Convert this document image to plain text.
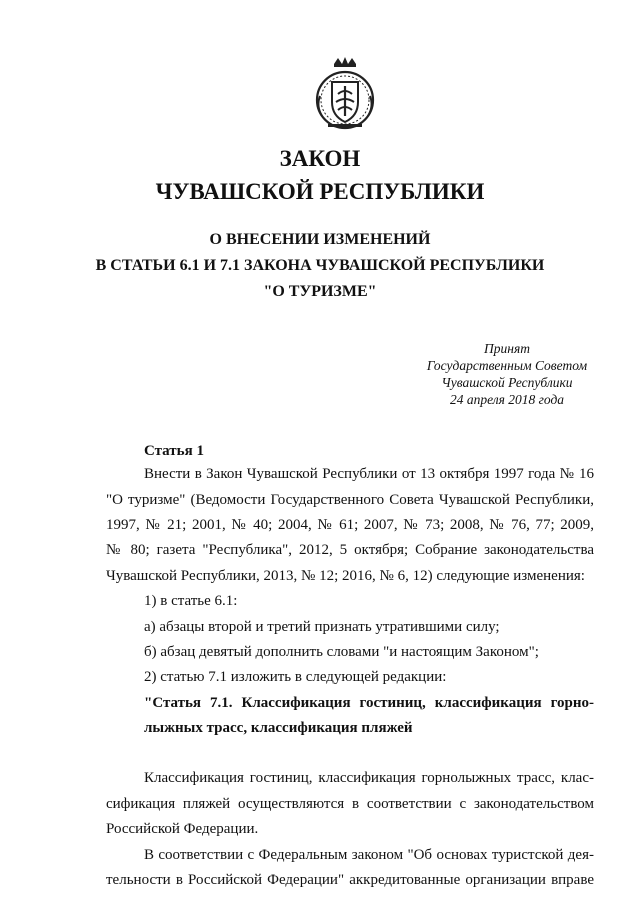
ЗАКОН
ЧУВАШСКОЙ РЕСПУБЛИКИ
О ВНЕСЕНИИ ИЗМЕНЕНИЙ
В СТАТЬИ 6.1 И 7.1 ЗАКОНА ЧУВАШСКОЙ РЕСПУБЛИКИ
"О ТУРИЗМЕ"
Принят
Государственным Советом
Чувашской Республики
24 апреля 2018 года
Статья 1
Внести в Закон Чувашской Республики от 13 октября 1997 года № 16
"О туризме" (Ведомости Государственного Совета Чувашской Республики,
1997, № 21; 2001, № 40; 2004, № 61; 2007, № 73; 2008, № 76, 77; 2009,
№ 80; газета "Республика", 2012, 5 октября; Собрание законодательства
Чувашской Республики, 2013, № 12; 2016, № 6, 12) следующие изменения:
1) в статье 6.1:
а) абзацы второй и третий признать утратившими силу;
б) абзац девятый дополнить словами "и настоящим Законом";
2) статью 7.1 изложить в следующей редакции:
"Статья 7.1. Классификация гостиниц, классификация горно-
лыжных трасс, классификация пляжей
Классификация гостиниц, классификация горнолыжных трасс, клас-
сификация пляжей осуществляются в соответствии с законодательством
Российской Федерации.
В соответствии с Федеральным законом "Об основах туристской дея-
тельности в Российской Федерации" аккредитованные организации вправе
